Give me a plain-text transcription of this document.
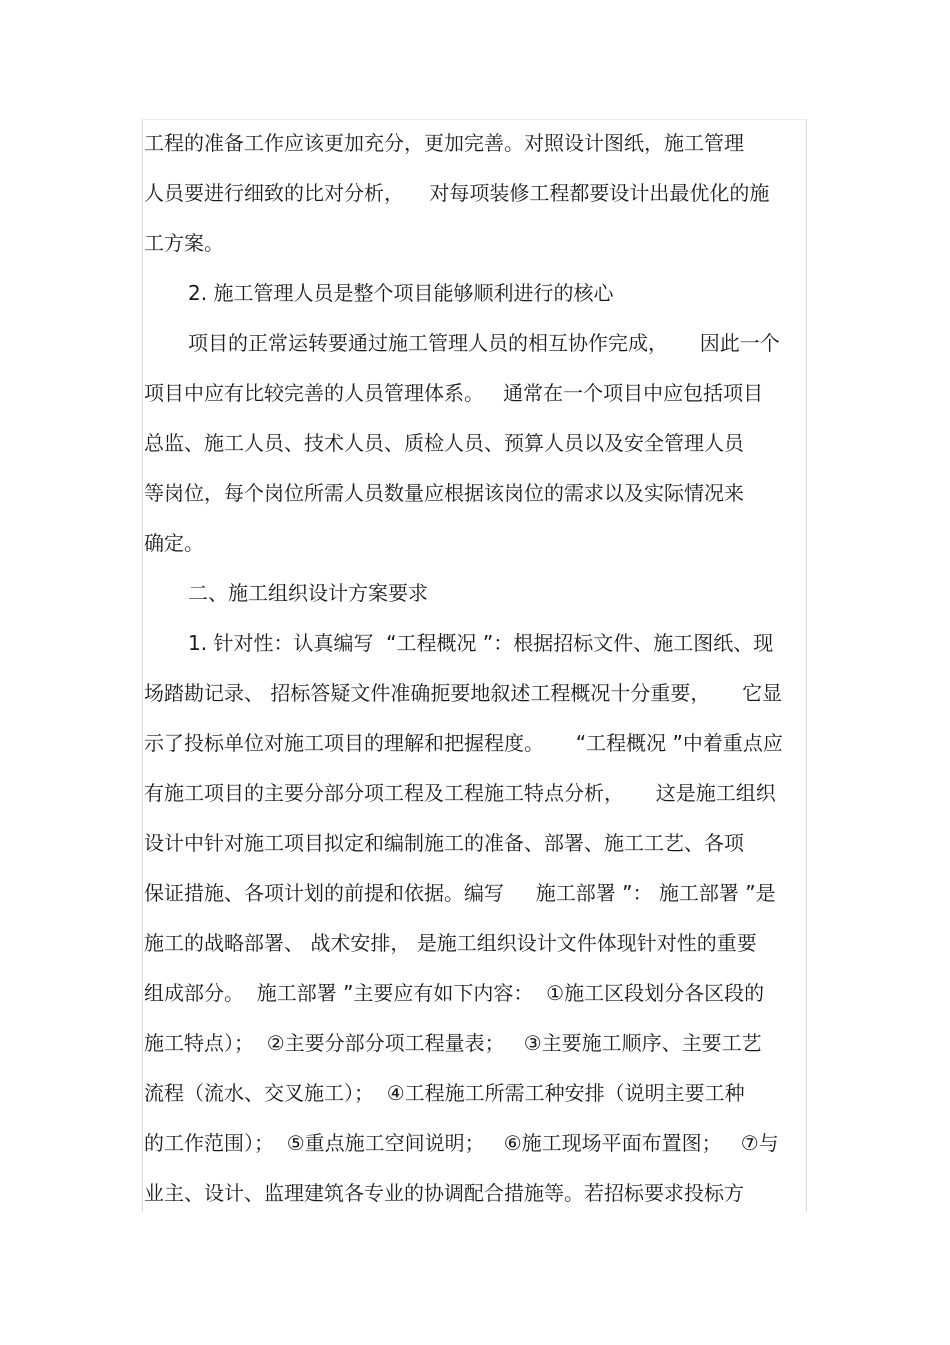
工程的准备工作应该更加充分，更加完善。对照设计图纸，施工管理
人员要进行细致的比对分析，    对每项装修工程都要设计出最优化的施
工方案。
2. 施工管理人员是整个项目能够顺利进行的核心
项目的正常运转要通过施工管理人员的相互协作完成，     因此一个
项目中应有比较完善的人员管理体系。   通常在一个项目中应包括项目
总监、施工人员、技术人员、质检人员、预算人员以及安全管理人员
等岗位，每个岗位所需人员数量应根据该岗位的需求以及实际情况来
确定。
二、施工组织设计方案要求
1. 针对性：认真编写  “工程概况 ”：根据招标文件、施工图纸、现
场踏勘记录、 招标答疑文件准确扼要地叙述工程概况十分重要，     它显
示了投标单位对施工项目的理解和把握程度。     “工程概况 ”中着重点应
有施工项目的主要分部分项工程及工程施工特点分析，     这是施工组织
设计中针对施工项目拟定和编制施工的准备、部署、施工工艺、各项
保证措施、各项计划的前提和依据。编写     施工部署 ”： 施工部署 ”是
施工的战略部署、 战术安排， 是施工组织设计文件体现针对性的重要
组成部分。  施工部署 ”主要应有如下内容：  ①施工区段划分各区段的
施工特点）；  ②主要分部分项工程量表；   ③主要施工顺序、主要工艺
流程（流水、交叉施工）；  ④工程施工所需工种安排（说明主要工种
的工作范围）；  ⑤重点施工空间说明；   ⑥施工现场平面布置图；   ⑦与
业主、设计、监理建筑各专业的协调配合措施等。若招标要求投标方
